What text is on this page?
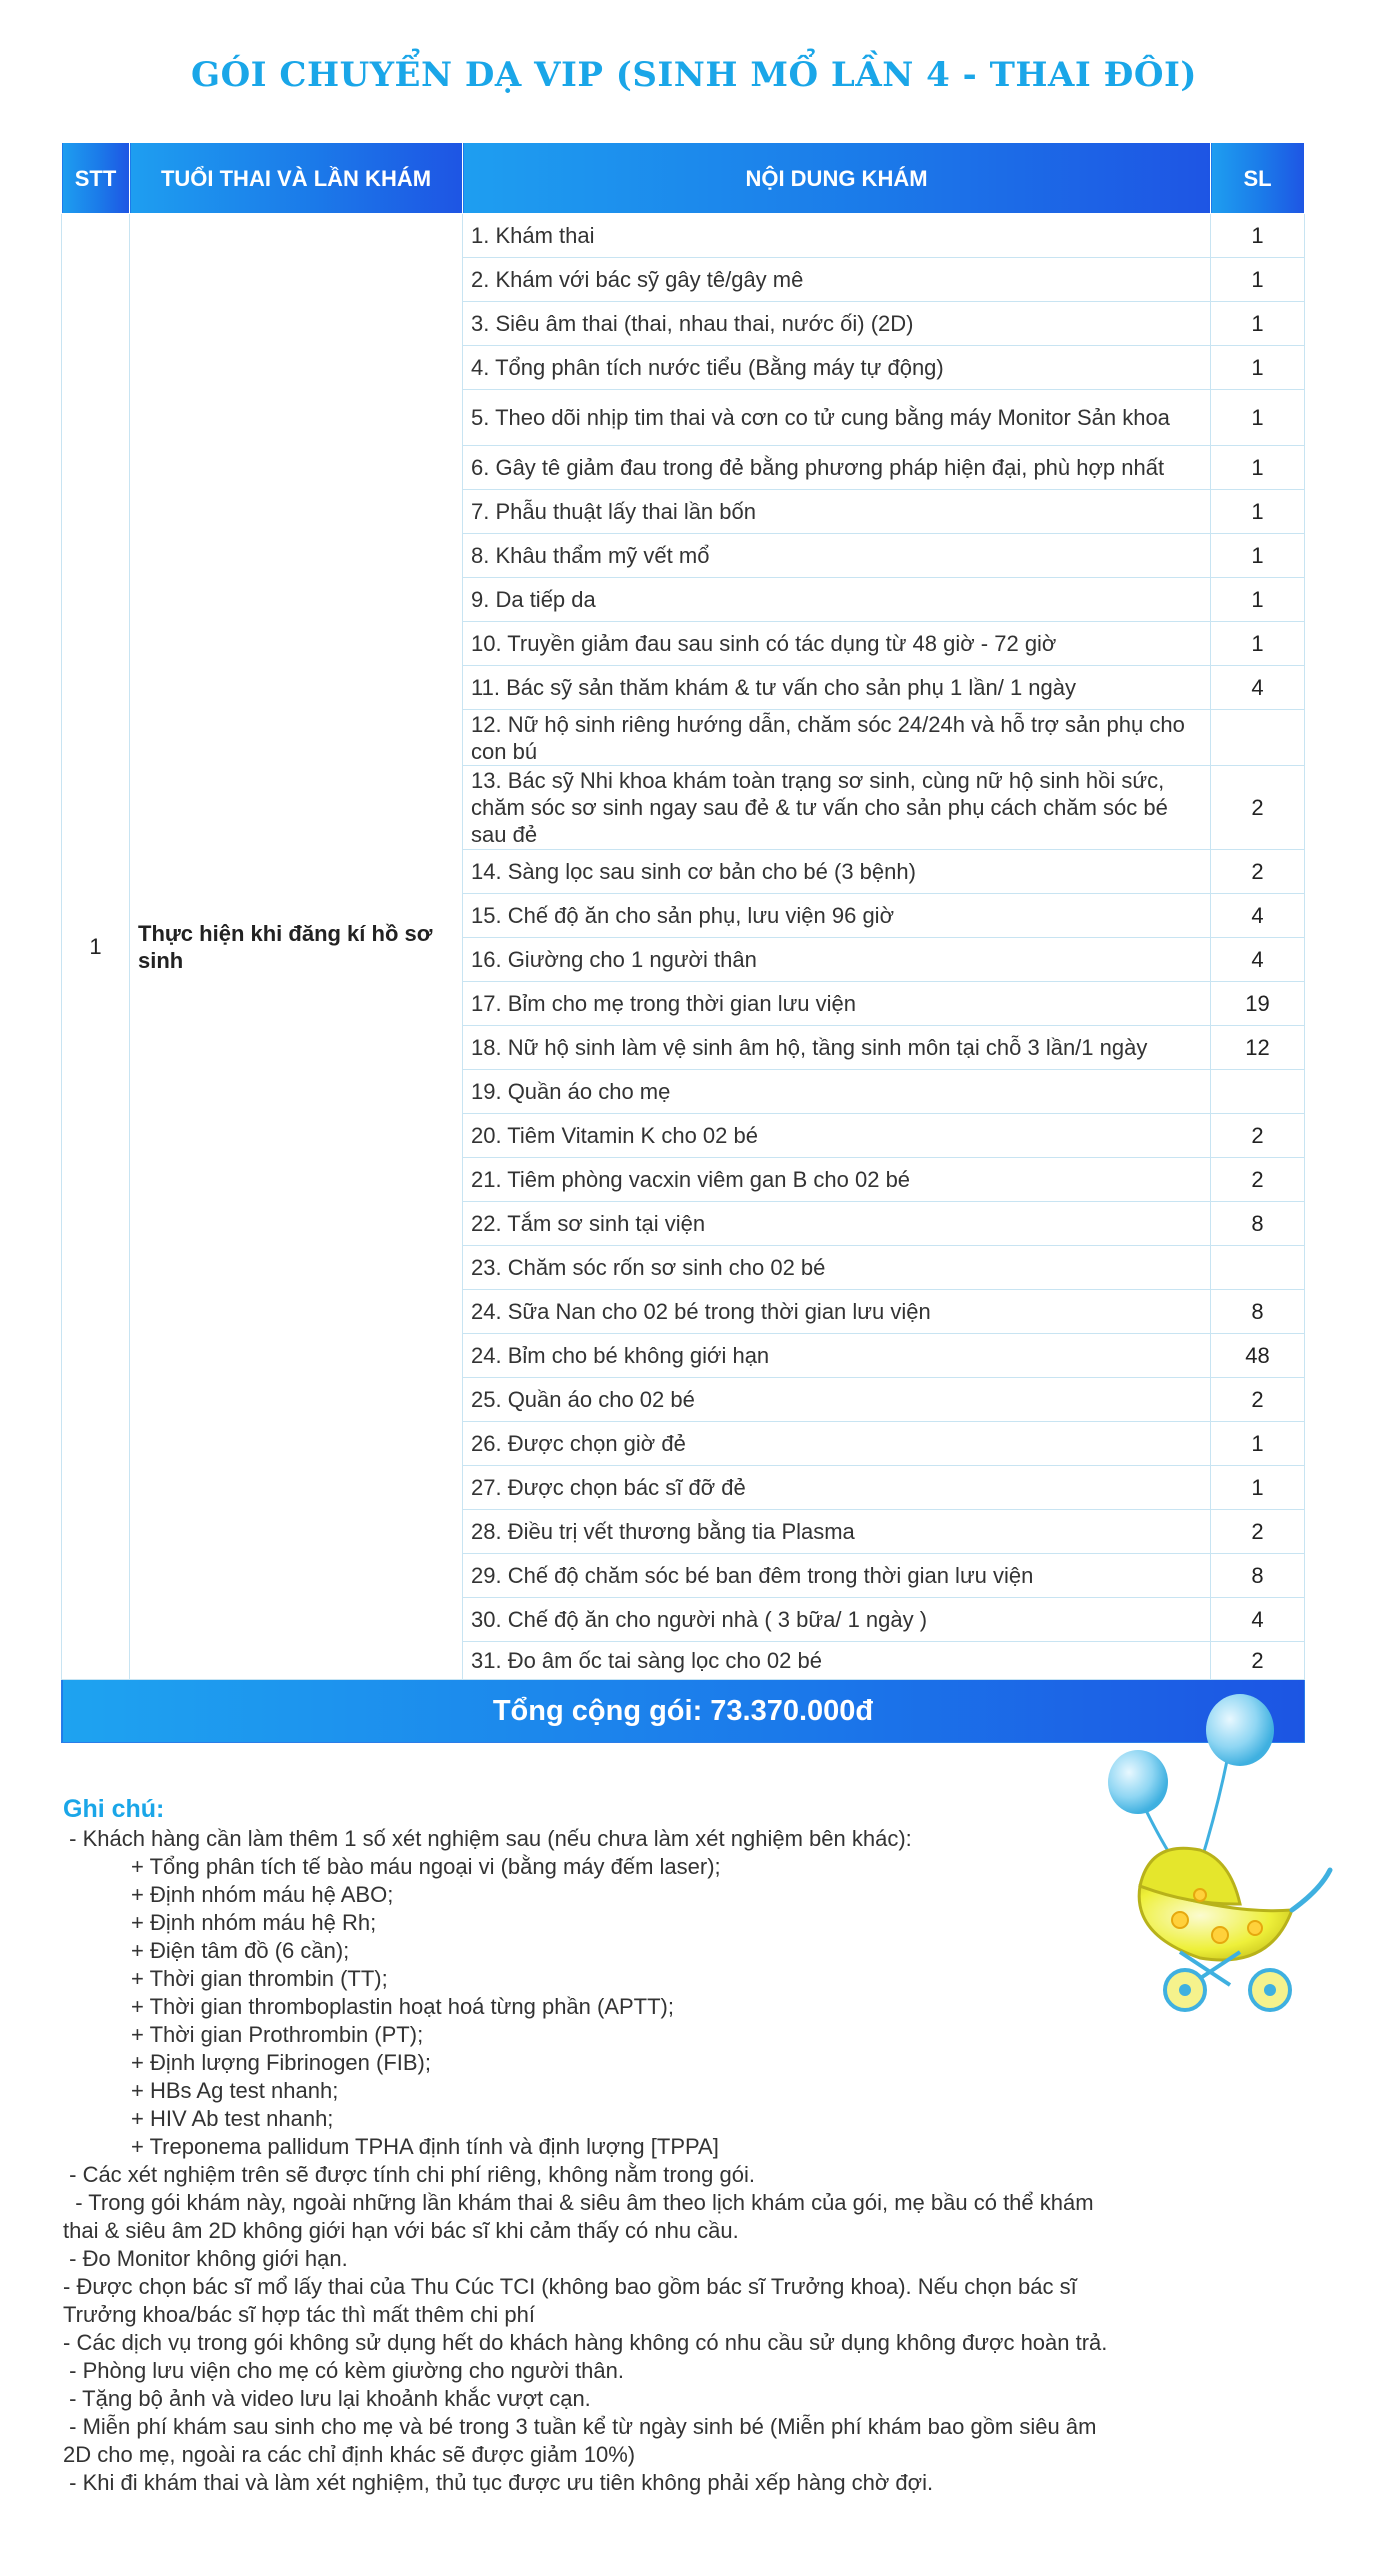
GÓI CHUYỂN DẠ VIP (SINH MỔ LẦN 4 - THAI ĐÔI)
STT	TUỔI THAI VÀ LẦN KHÁM	NỘI DUNG KHÁM	SL
1	Thực hiện khi đăng kí hồ sơ sinh	1. Khám thai	1
		2. Khám với bác sỹ gây tê/gây mê	1
		3. Siêu âm thai (thai, nhau thai, nước ối) (2D)	1
		4. Tổng phân tích nước tiểu (Bằng máy tự động)	1
		5. Theo dõi nhịp tim thai và cơn co tử cung bằng máy Monitor Sản khoa	1
		6. Gây tê giảm đau trong đẻ bằng phương pháp hiện đại, phù hợp nhất	1
		7. Phẫu thuật lấy thai lần bốn	1
		8. Khâu thẩm mỹ vết mổ	1
		9. Da tiếp da	1
		10. Truyền giảm đau sau sinh có tác dụng từ 48 giờ - 72 giờ	1
		11. Bác sỹ sản thăm khám & tư vấn cho sản phụ 1 lần/ 1 ngày	4
		12. Nữ hộ sinh riêng hướng dẫn, chăm sóc 24/24h và hỗ trợ sản phụ cho con bú	
		13. Bác sỹ Nhi khoa khám toàn trạng sơ sinh, cùng nữ hộ sinh hồi sức, chăm sóc sơ sinh ngay sau đẻ & tư vấn cho sản phụ cách chăm sóc bé sau đẻ	2
		14. Sàng lọc sau sinh cơ bản cho bé (3 bệnh)	2
		15. Chế độ ăn cho sản phụ, lưu viện 96 giờ	4
		16. Giường cho 1 người thân	4
		17. Bỉm cho mẹ trong thời gian lưu viện	19
		18. Nữ hộ sinh làm vệ sinh âm hộ, tầng sinh môn tại chỗ 3 lần/1 ngày	12
		19. Quần áo cho mẹ	
		20. Tiêm Vitamin K cho 02 bé	2
		21. Tiêm phòng vacxin viêm gan B cho 02 bé	2
		22. Tắm sơ sinh tại viện	8
		23. Chăm sóc rốn sơ sinh cho 02 bé	
		24. Sữa Nan cho 02 bé trong thời gian lưu viện	8
		24. Bỉm cho bé không giới hạn	48
		25. Quần áo cho 02 bé	2
		26. Được chọn giờ đẻ	1
		27. Được chọn bác sĩ đỡ đẻ	1
		28. Điều trị vết thương bằng tia Plasma	2
		29. Chế độ chăm sóc bé ban đêm trong thời gian lưu viện	8
		30. Chế độ ăn cho người nhà ( 3 bữa/ 1 ngày )	4
		31. Đo âm ốc tai sàng lọc cho 02 bé	2
Tổng cộng gói: 73.370.000đ			
Ghi chú:
- Khách hàng cần làm thêm 1 số xét nghiệm sau (nếu chưa làm xét nghiệm bên khác):
+ Tổng phân tích tế bào máu ngoại vi (bằng máy đếm laser);
+ Định nhóm máu hệ ABO;
+ Định nhóm máu hệ Rh;
+ Điện tâm đồ (6 cần);
+ Thời gian thrombin (TT);
+ Thời gian thromboplastin hoạt hoá từng phần (APTT);
+ Thời gian Prothrombin (PT);
+ Định lượng Fibrinogen (FIB);
+ HBs Ag test nhanh;
+ HIV Ab test nhanh;
+ Treponema pallidum TPHA định tính và định lượng [TPPA]
- Các xét nghiệm trên sẽ được tính chi phí riêng, không nằm trong gói.
- Trong gói khám này, ngoài những lần khám thai & siêu âm theo lịch khám của gói, mẹ bầu có thể khám thai & siêu âm 2D không giới hạn với bác sĩ khi cảm thấy có nhu cầu.
- Đo Monitor không giới hạn.
- Được chọn bác sĩ mổ lấy thai của Thu Cúc TCI (không bao gồm bác sĩ Trưởng khoa). Nếu chọn bác sĩ Trưởng khoa/bác sĩ hợp tác thì mất thêm chi phí
- Các dịch vụ trong gói không sử dụng hết do khách hàng không có nhu cầu sử dụng không được hoàn trả.
- Phòng lưu viện cho mẹ có kèm giường cho người thân.
- Tặng bộ ảnh và video lưu lại khoảnh khắc vượt cạn.
- Miễn phí khám sau sinh cho mẹ và bé trong 3 tuần kể từ ngày sinh bé (Miễn phí khám bao gồm siêu âm 2D cho mẹ, ngoài ra các chỉ định khác sẽ được giảm 10%)
- Khi đi khám thai và làm xét nghiệm, thủ tục được ưu tiên không phải xếp hàng chờ đợi.
